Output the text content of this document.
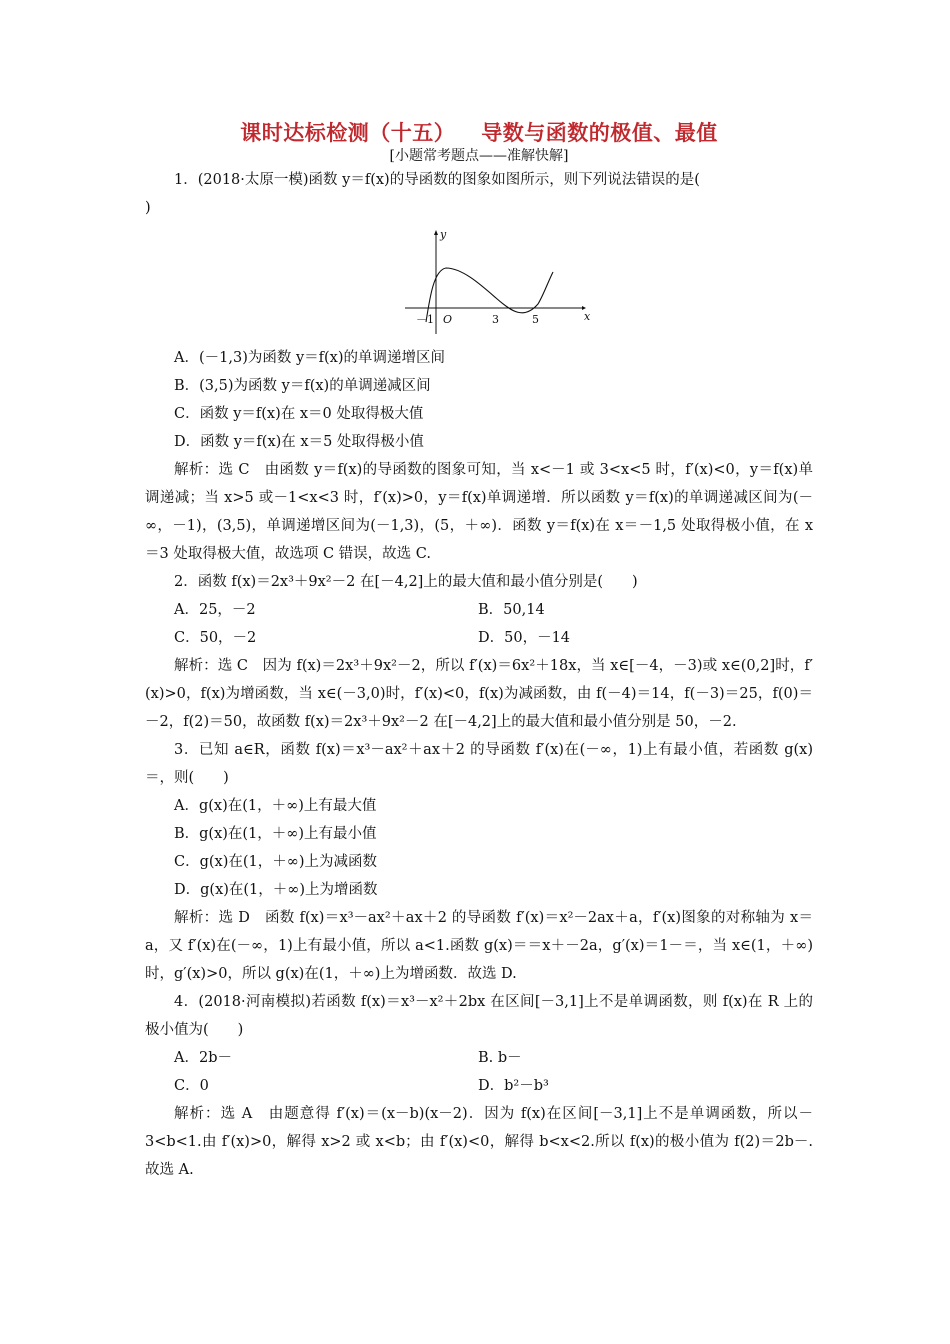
课时达标检测（十五） 导数与函数的极值、最值
[小题常考题点——准解快解]
1．(2018·太原一模)函数 y＝f(x)的导函数的图象如图所示，则下列说法错误的是(
)
y
x
O
－1	3	5
A．(－1,3)为函数 y＝f(x)的单调递增区间
B．(3,5)为函数 y＝f(x)的单调递减区间
C．函数 y＝f(x)在 x＝0 处取得极大值
D．函数 y＝f(x)在 x＝5 处取得极小值

解析：选 C　由函数 y＝f(x)的导函数的图象可知，当 x<－1 或 3<x<5 时，f′(x)<0，y＝f(x)单调递减；当 x>5 或－1<x<3 时，f′(x)>0，y＝f(x)单调递增．所以函数 y＝f(x)的单调递减区间为(－∞，－1)，(3,5)，单调递增区间为(－1,3)，(5，＋∞)．函数 y＝f(x)在 x＝－1,5 处取得极小值，在 x＝3 处取得极大值，故选项 C 错误，故选 C.

2．函数 f(x)＝2x³＋9x²－2 在[－4,2]上的最大值和最小值分别是(　　)
A．25，－2	B．50,14
C．50，－2	D．50，－14

解析：选 C　因为 f(x)＝2x³＋9x²－2，所以 f′(x)＝6x²＋18x，当 x∈[－4，－3)或 x∈(0,2]时，f′(x)>0，f(x)为增函数，当 x∈(－3,0)时，f′(x)<0，f(x)为减函数，由 f(－4)＝14，f(－3)＝25，f(0)＝－2，f(2)＝50，故函数 f(x)＝2x³＋9x²－2 在[－4,2]上的最大值和最小值分别是 50，－2.

3．已知 a∈R，函数 f(x)＝x³－ax²＋ax＋2 的导函数 f′(x)在(－∞，1)上有最小值，若函数 g(x)＝，则(　　)

A．g(x)在(1，＋∞)上有最大值
B．g(x)在(1，＋∞)上有最小值
C．g(x)在(1，＋∞)上为减函数
D．g(x)在(1，＋∞)上为增函数

解析：选 D　函数 f(x)＝x³－ax²＋ax＋2 的导函数 f′(x)＝x²－2ax＋a，f′(x)图象的对称轴为 x＝a，又 f′(x)在(－∞，1)上有最小值，所以 a<1.函数 g(x)＝＝x＋－2a，g′(x)＝1－＝，当 x∈(1，＋∞)时，g′(x)>0，所以 g(x)在(1，＋∞)上为增函数．故选 D.

4．(2018·河南模拟)若函数 f(x)＝x³－x²＋2bx 在区间[－3,1]上不是单调函数，则 f(x)在 R 上的极小值为(　　)

A．2b－	B. b－
C．0	D．b²－b³

解析：选 A　由题意得 f′(x)＝(x－b)(x－2)．因为 f(x)在区间[－3,1]上不是单调函数，所以－3<b<1.由 f′(x)>0，解得 x>2 或 x<b；由 f′(x)<0，解得 b<x<2.所以 f(x)的极小值为 f(2)＝2b－.故选 A.
